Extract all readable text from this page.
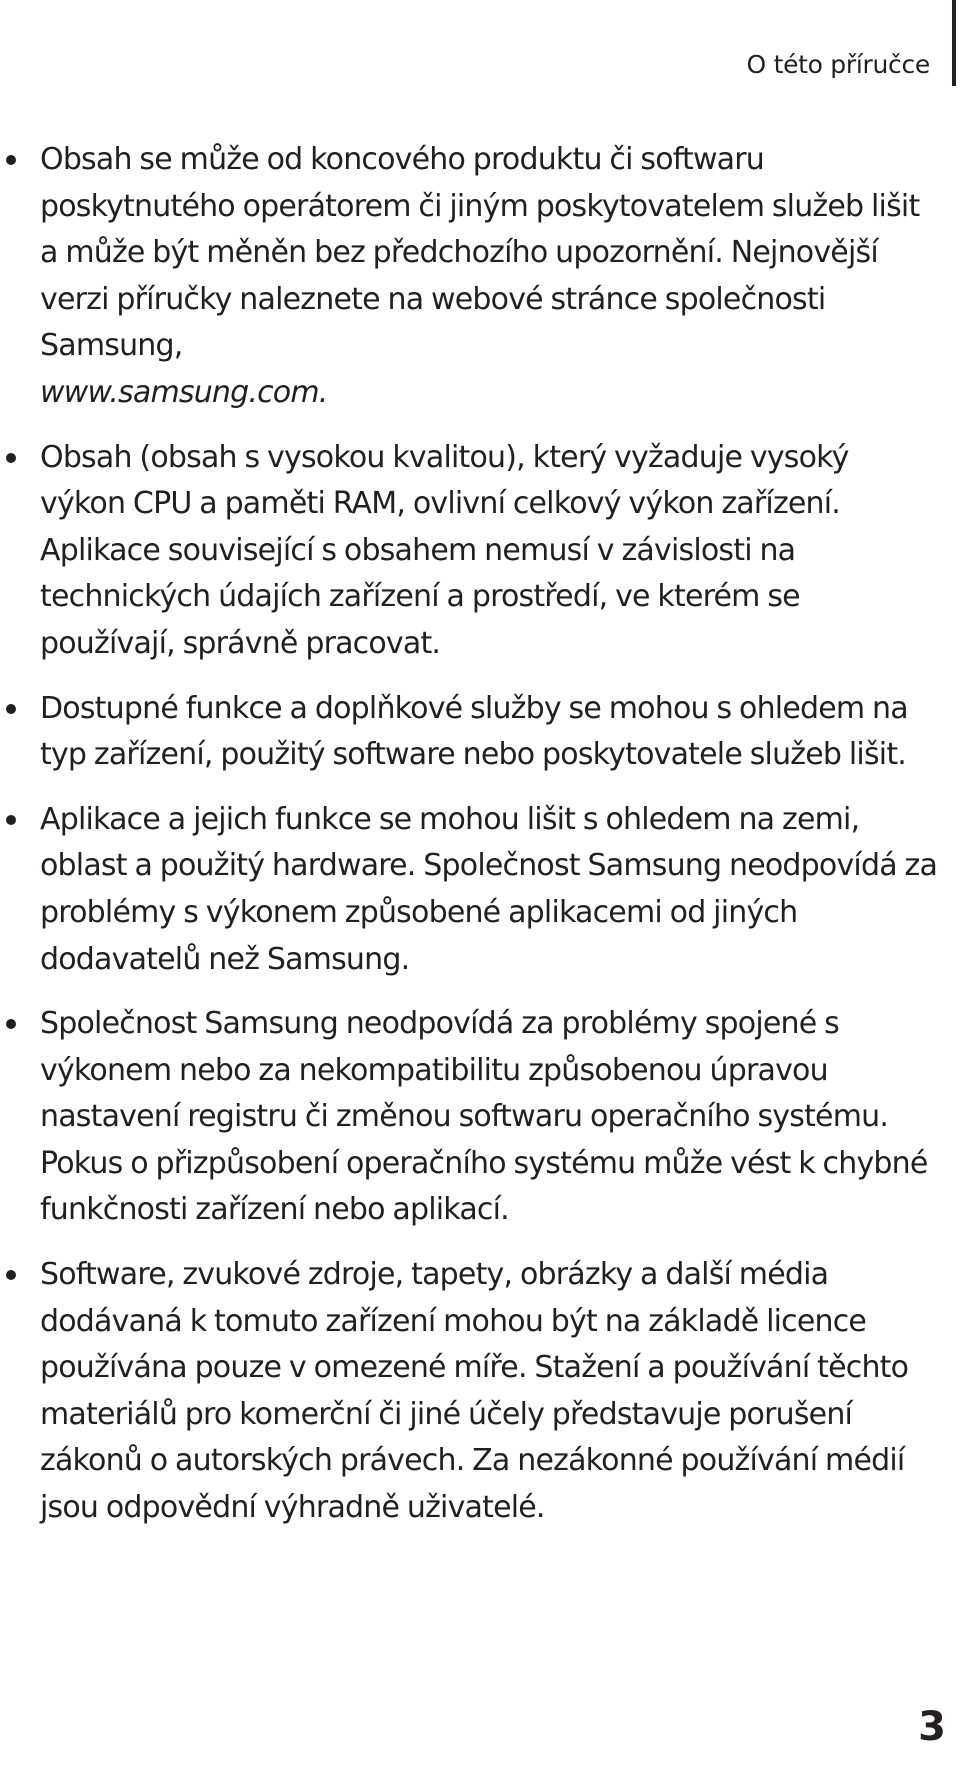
O této příručce
Obsah se může od koncového produktu či softwaru poskytnutého operátorem či jiným poskytovatelem služeb lišit a může být měněn bez předchozího upozornění. Nejnovější verzi příručky naleznete na webové stránce společnosti Samsung,
www.samsung.com.
Obsah (obsah s vysokou kvalitou), který vyžaduje vysoký výkon CPU a paměti RAM, ovlivní celkový výkon zařízení. Aplikace související s obsahem nemusí v závislosti na technických údajích zařízení a prostředí, ve kterém se používají, správně pracovat.
Dostupné funkce a doplňkové služby se mohou s ohledem na typ zařízení, použitý software nebo poskytovatele služeb lišit.
Aplikace a jejich funkce se mohou lišit s ohledem na zemi, oblast a použitý hardware. Společnost Samsung neodpovídá za problémy s výkonem způsobené aplikacemi od jiných dodavatelů než Samsung.
Společnost Samsung neodpovídá za problémy spojené s výkonem nebo za nekompatibilitu způsobenou úpravou nastavení registru či změnou softwaru operačního systému. Pokus o přizpůsobení operačního systému může vést k chybné funkčnosti zařízení nebo aplikací.
Software, zvukové zdroje, tapety, obrázky a další média dodávaná k tomuto zařízení mohou být na základě licence používána pouze v omezené míře. Stažení a používání těchto materiálů pro komerční či jiné účely představuje porušení zákonů o autorských právech. Za nezákonné používání médií jsou odpovědní výhradně uživatelé.
3
